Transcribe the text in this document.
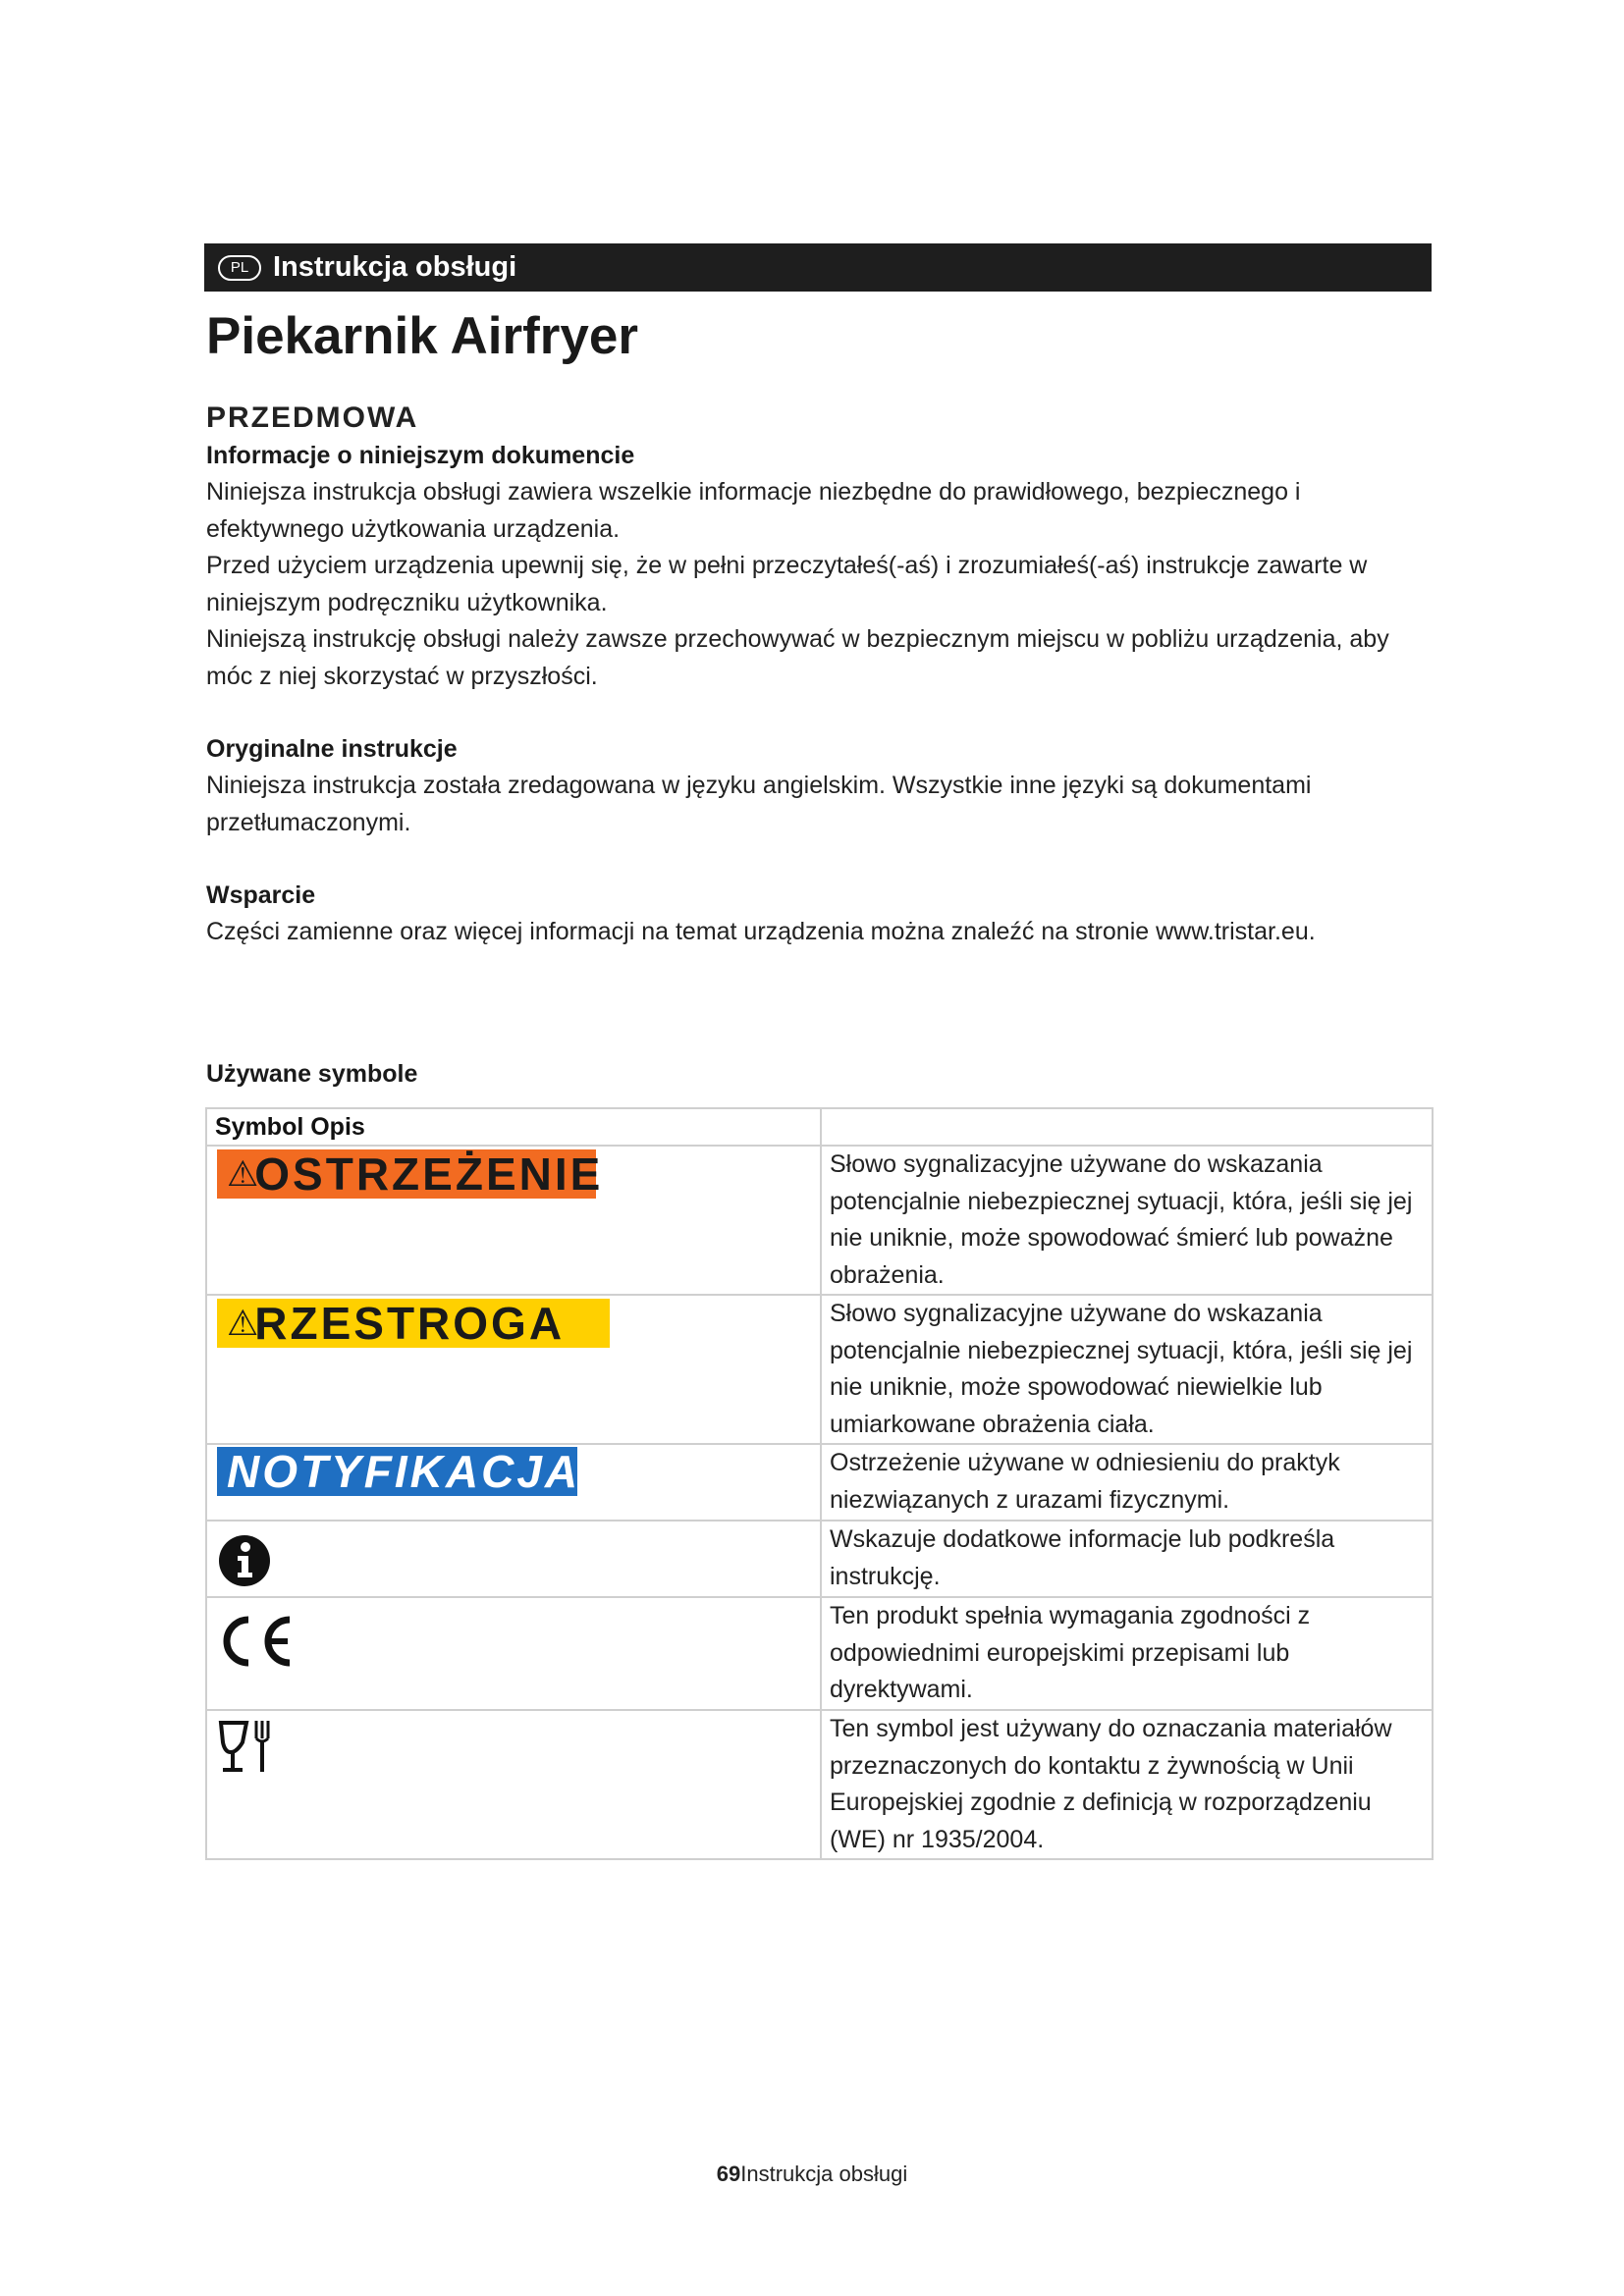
PL Instrukcja obsługi
Piekarnik Airfryer
PRZEDMOWA
Informacje o niniejszym dokumencie

Niniejsza instrukcja obsługi zawiera wszelkie informacje niezbędne do prawidłowego, bezpiecznego i efektywnego użytkowania urządzenia.

Przed użyciem urządzenia upewnij się, że w pełni przeczytałeś(-aś) i zrozumiałeś(-aś) instrukcje zawarte w niniejszym podręczniku użytkownika.

Niniejszą instrukcję obsługi należy zawsze przechowywać w bezpiecznym miejscu w pobliżu urządzenia, aby móc z niej skorzystać w przyszłości.

Oryginalne instrukcje

Niniejsza instrukcja została zredagowana w języku angielskim. Wszystkie inne języki są dokumentami przetłumaczonymi.

Wsparcie

Części zamienne oraz więcej informacji na temat urządzenia można znaleźć na stronie www.tristar.eu.

Używane symbole
Symbol Opis	

⚠OSTRZEŻENIE	Słowo sygnalizacyjne używane do wskazania potencjalnie niebezpiecznej sytuacji, która, jeśli się jej nie uniknie, może spowodować śmierć lub poważne obrażenia.
⚠RZESTROGA	Słowo sygnalizacyjne używane do wskazania potencjalnie niebezpiecznej sytuacji, która, jeśli się jej nie uniknie, może spowodować niewielkie lub umiarkowane obrażenia ciała.
NOTYFIKACJA	Ostrzeżenie używane w odniesieniu do praktyk niezwiązanych z urazami fizycznymi.

	Wskazuje dodatkowe informacje lub podkreśla instrukcję.

	Ten produkt spełnia wymagania zgodności z odpowiednimi europejskimi przepisami lub dyrektywami.

	Ten symbol jest używany do oznaczania materiałów przeznaczonych do kontaktu z żywnością w Unii Europejskiej zgodnie z definicją w rozporządzeniu (WE) nr 1935/2004.
69Instrukcja obsługi
